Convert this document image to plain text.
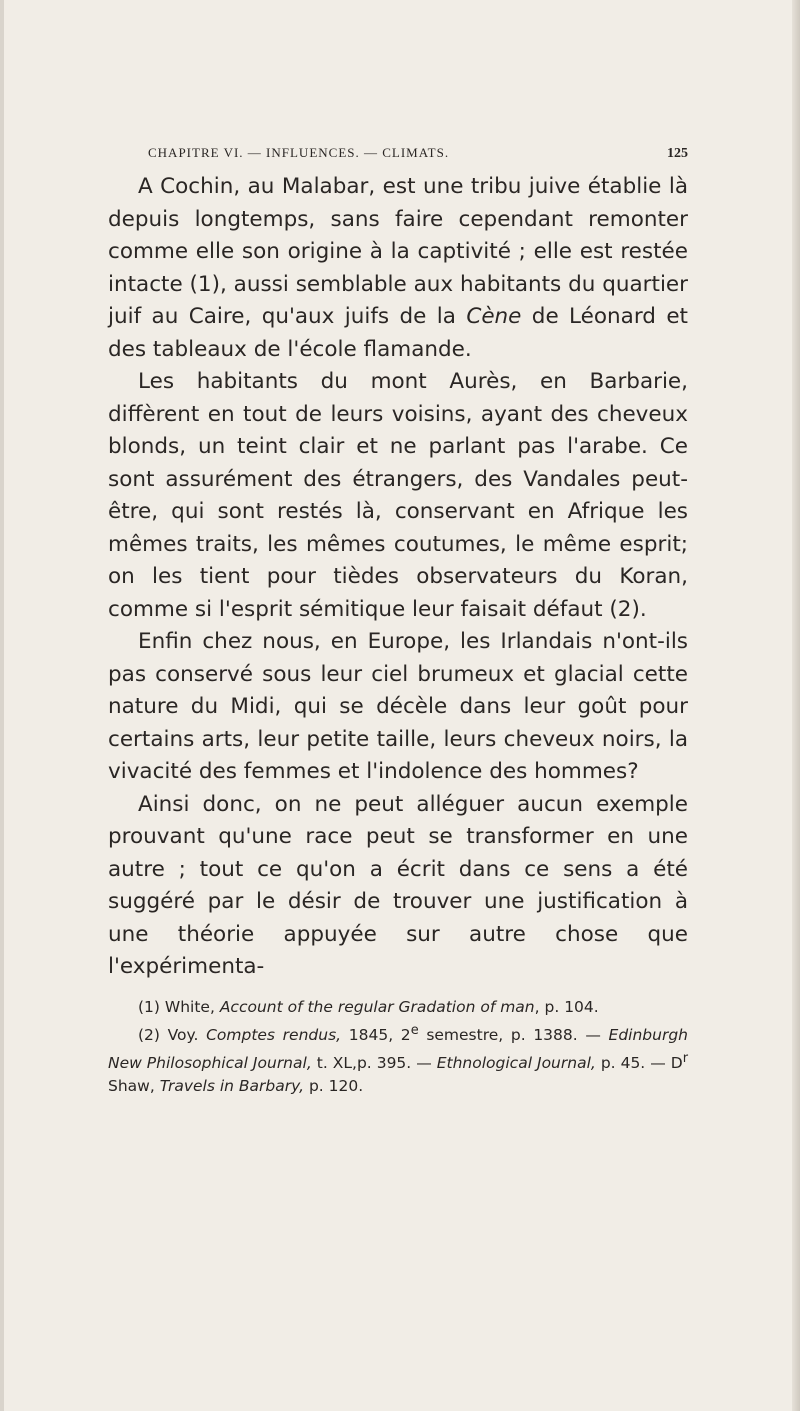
CHAPITRE VI. — INFLUENCES. — CLIMATS.	125

A Cochin, au Malabar, est une tribu juive établie là depuis longtemps, sans faire cependant remonter comme elle son origine à la captivité ; elle est restée intacte (1), aussi semblable aux habitants du quartier juif au Caire, qu'aux juifs de la Cène de Léonard et des tableaux de l'école flamande.

Les habitants du mont Aurès, en Barbarie, diffèrent en tout de leurs voisins, ayant des cheveux blonds, un teint clair et ne parlant pas l'arabe. Ce sont assurément des étrangers, des Vandales peut-être, qui sont restés là, conservant en Afrique les mêmes traits, les mêmes coutumes, le même esprit; on les tient pour tièdes observateurs du Koran, comme si l'esprit sémitique leur faisait défaut (2).

Enfin chez nous, en Europe, les Irlandais n'ont-ils pas conservé sous leur ciel brumeux et glacial cette nature du Midi, qui se décèle dans leur goût pour certains arts, leur petite taille, leurs cheveux noirs, la vivacité des femmes et l'indolence des hommes?

Ainsi donc, on ne peut alléguer aucun exemple prouvant qu'une race peut se transformer en une autre ; tout ce qu'on a écrit dans ce sens a été suggéré par le désir de trouver une justification à une théorie appuyée sur autre chose que l'expérimenta-

(1) White, Account of the regular Gradation of man, p. 104.

(2) Voy. Comptes rendus, 1845, 2e semestre, p. 1388. — Edinburgh New Philosophical Journal, t. XL,p. 395. — Ethnological Journal, p. 45. — $D^r$ Shaw, Travels in Barbary, p. 120.
